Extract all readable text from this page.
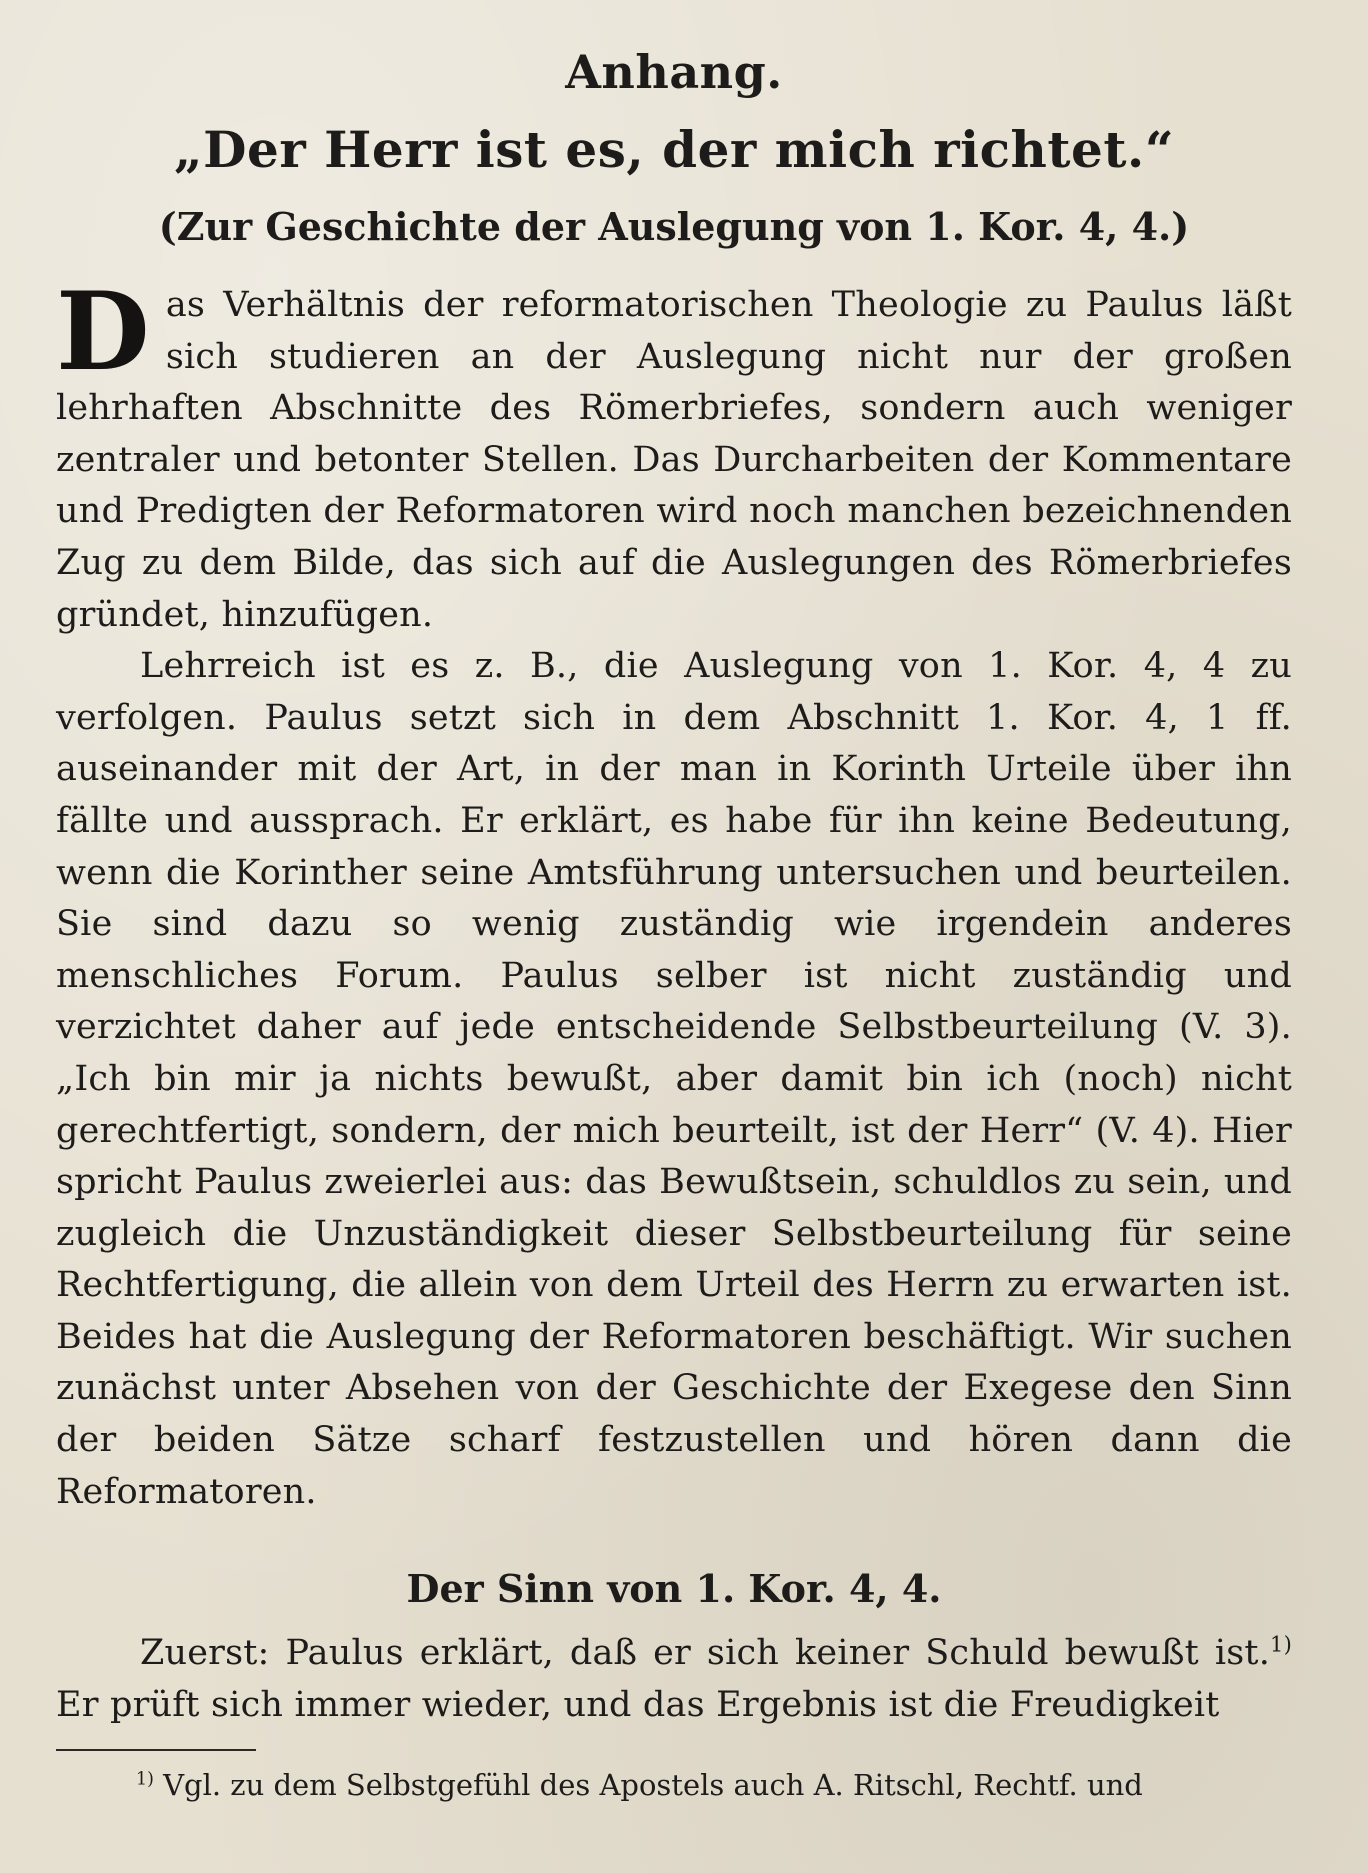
Anhang.
„Der Herr ist es, der mich richtet.“
(Zur Geschichte der Auslegung von 1. Kor. 4, 4.)

Das Verhältnis der reformatorischen Theologie zu Paulus läßt sich studieren an der Auslegung nicht nur der großen lehrhaften Abschnitte des Römerbriefes, sondern auch weniger zentraler und betonter Stellen. Das Durcharbeiten der Kommentare und Predigten der Reformatoren wird noch manchen bezeichnenden Zug zu dem Bilde, das sich auf die Auslegungen des Römerbriefes gründet, hinzufügen.

Lehrreich ist es z. B., die Auslegung von 1. Kor. 4, 4 zu verfolgen. Paulus setzt sich in dem Abschnitt 1. Kor. 4, 1 ff. auseinander mit der Art, in der man in Korinth Urteile über ihn fällte und aussprach. Er erklärt, es habe für ihn keine Bedeutung, wenn die Korinther seine Amtsführung untersuchen und beurteilen. Sie sind dazu so wenig zuständig wie irgendein anderes menschliches Forum. Paulus selber ist nicht zuständig und verzichtet daher auf jede entscheidende Selbstbeurteilung (V. 3). „Ich bin mir ja nichts bewußt, aber damit bin ich (noch) nicht gerechtfertigt, sondern, der mich beurteilt, ist der Herr“ (V. 4). Hier spricht Paulus zweierlei aus: das Bewußtsein, schuldlos zu sein, und zugleich die Unzuständigkeit dieser Selbstbeurteilung für seine Rechtfertigung, die allein von dem Urteil des Herrn zu erwarten ist. Beides hat die Auslegung der Reformatoren beschäftigt. Wir suchen zunächst unter Absehen von der Geschichte der Exegese den Sinn der beiden Sätze scharf festzustellen und hören dann die Reformatoren.

Der Sinn von 1. Kor. 4, 4.

Zuerst: Paulus erklärt, daß er sich keiner Schuld bewußt ist.$^{1)}$ Er prüft sich immer wieder, und das Ergebnis ist die Freudigkeit

$^{1)}$ Vgl. zu dem Selbstgefühl des Apostels auch A. Ritschl, Rechtf. und
